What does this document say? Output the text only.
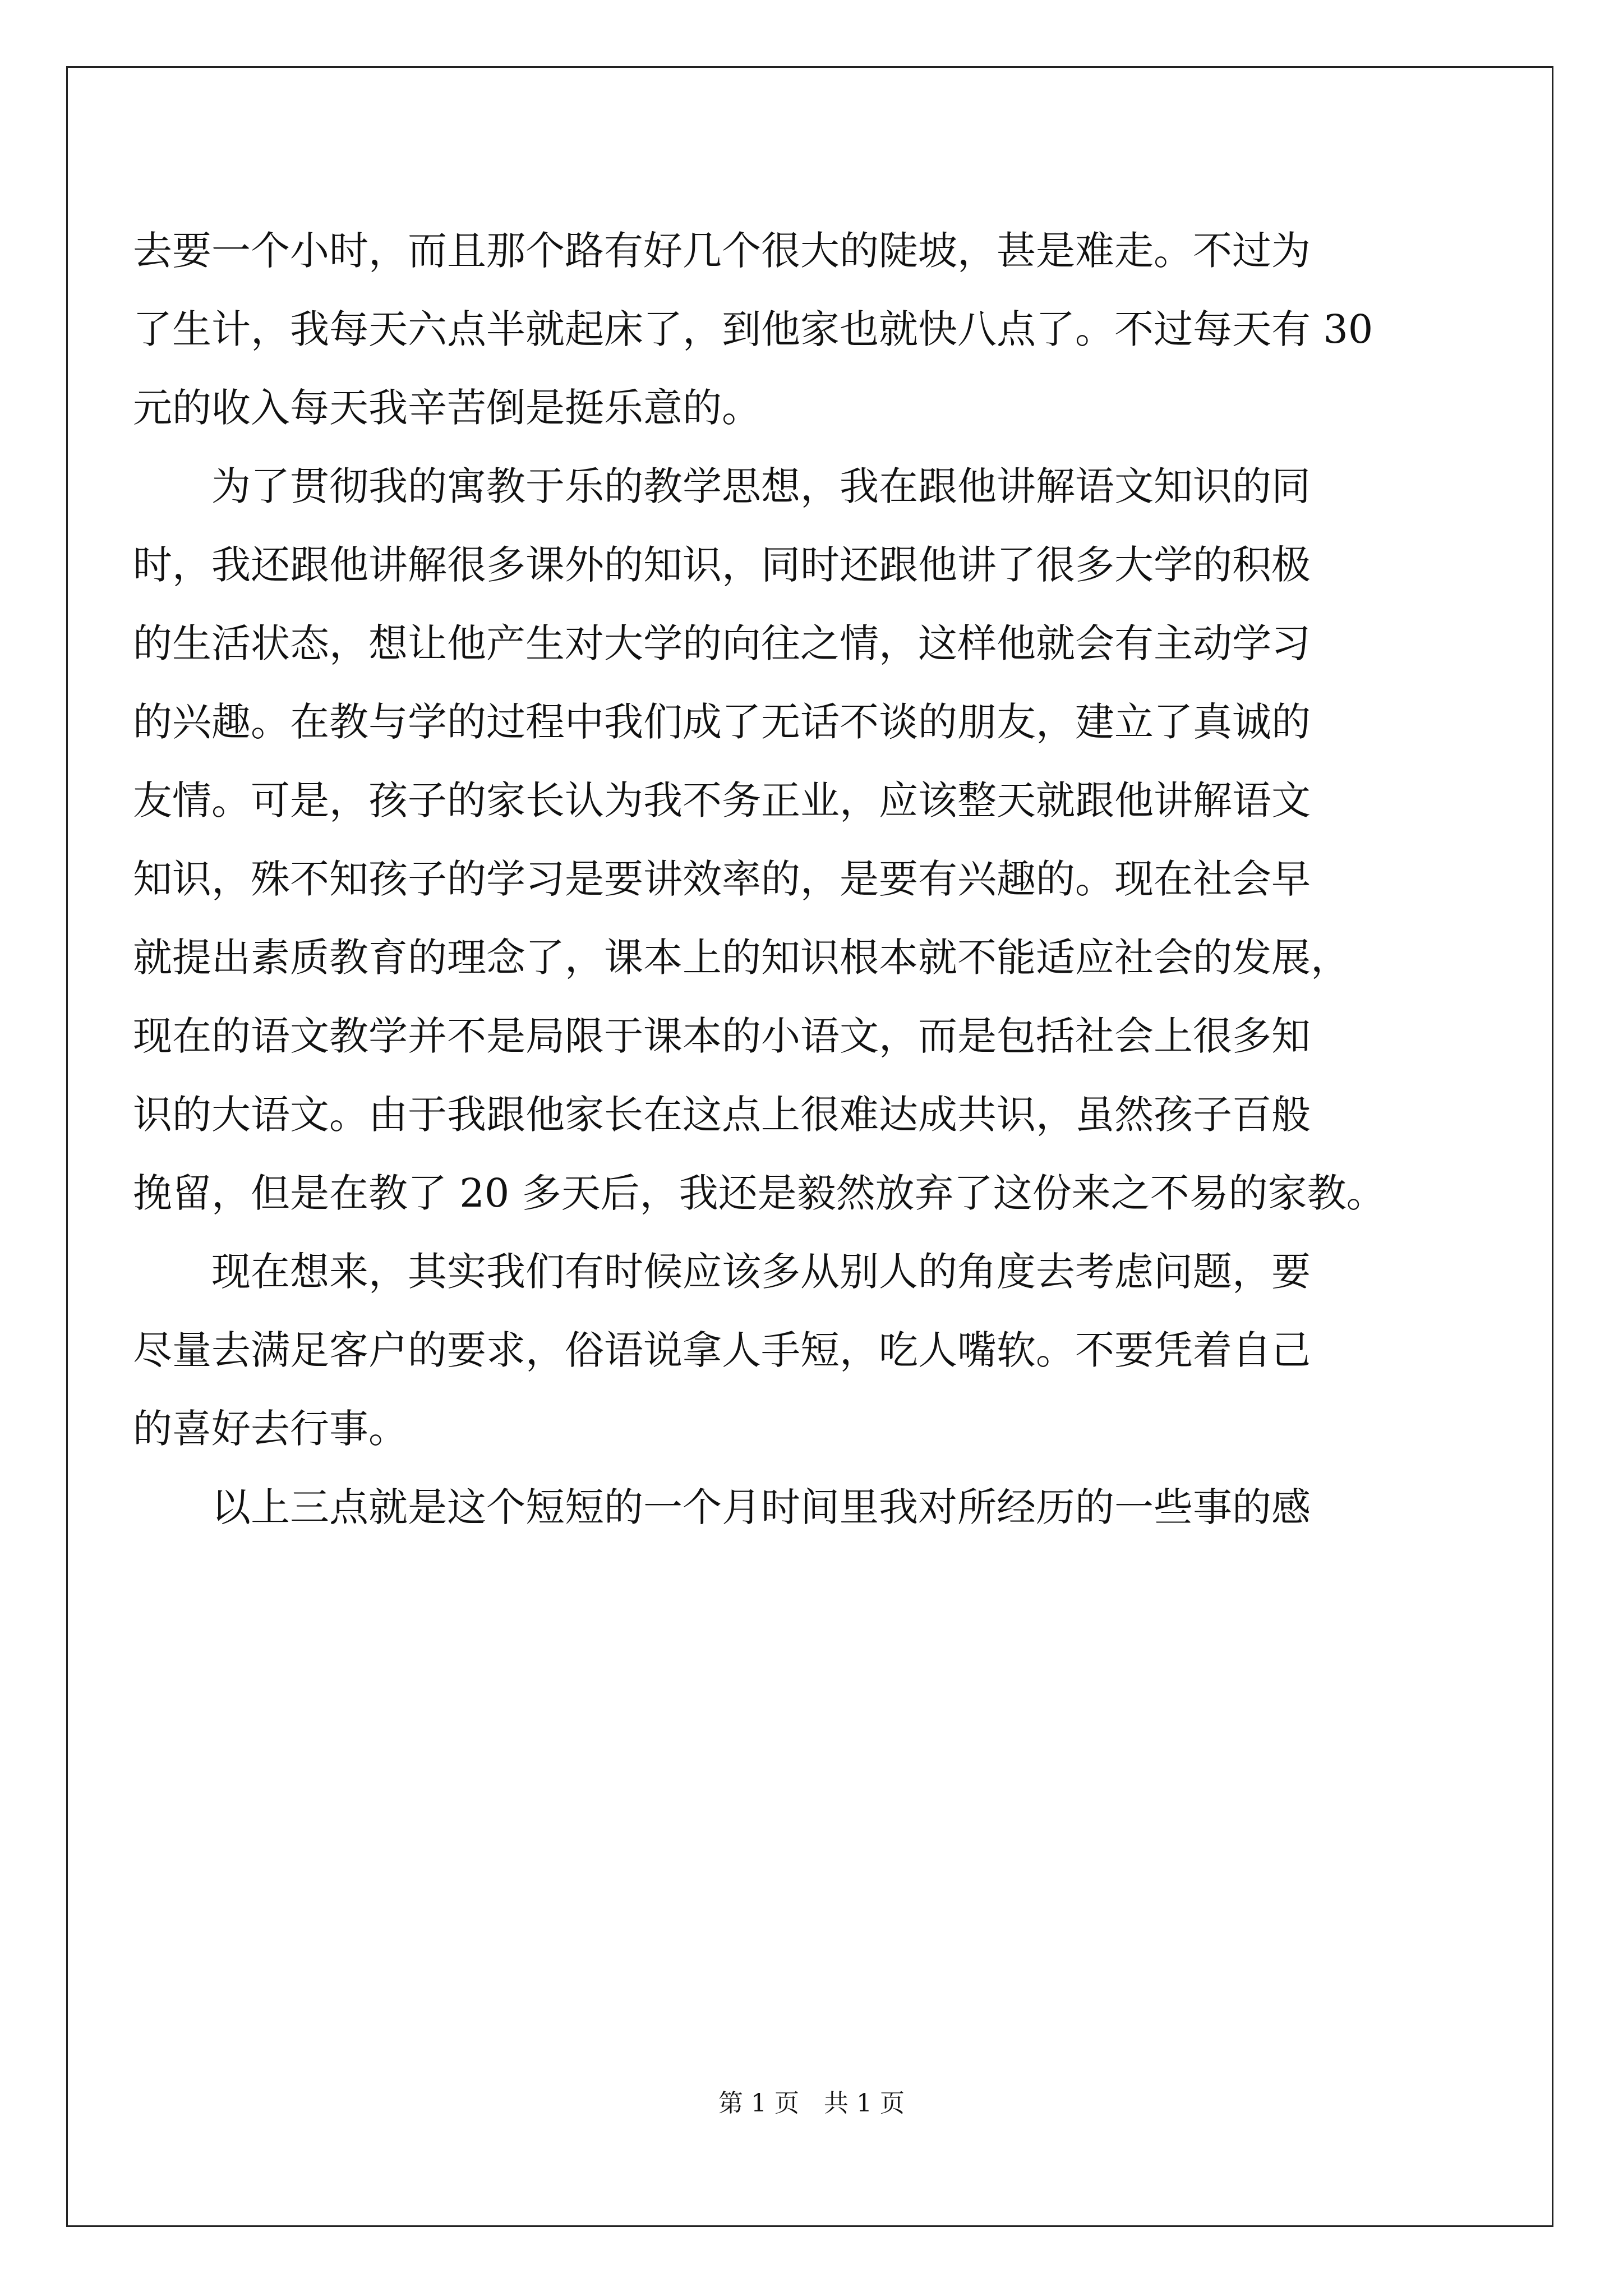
去要一个小时，而且那个路有好几个很大的陡坡，甚是难走。不过为
了生计，我每天六点半就起床了，到他家也就快八点了。不过每天有 30
元的收入每天我辛苦倒是挺乐意的。
　　为了贯彻我的寓教于乐的教学思想，我在跟他讲解语文知识的同
时，我还跟他讲解很多课外的知识，同时还跟他讲了很多大学的积极
的生活状态，想让他产生对大学的向往之情，这样他就会有主动学习
的兴趣。在教与学的过程中我们成了无话不谈的朋友，建立了真诚的
友情。可是，孩子的家长认为我不务正业，应该整天就跟他讲解语文
知识，殊不知孩子的学习是要讲效率的，是要有兴趣的。现在社会早
就提出素质教育的理念了，课本上的知识根本就不能适应社会的发展，
现在的语文教学并不是局限于课本的小语文，而是包括社会上很多知
识的大语文。由于我跟他家长在这点上很难达成共识，虽然孩子百般
挽留，但是在教了 20 多天后，我还是毅然放弃了这份来之不易的家教。
　　现在想来，其实我们有时候应该多从别人的角度去考虑问题，要
尽量去满足客户的要求，俗语说拿人手短，吃人嘴软。不要凭着自己
的喜好去行事。
　　以上三点就是这个短短的一个月时间里我对所经历的一些事的感
第 1 页　共 1 页
